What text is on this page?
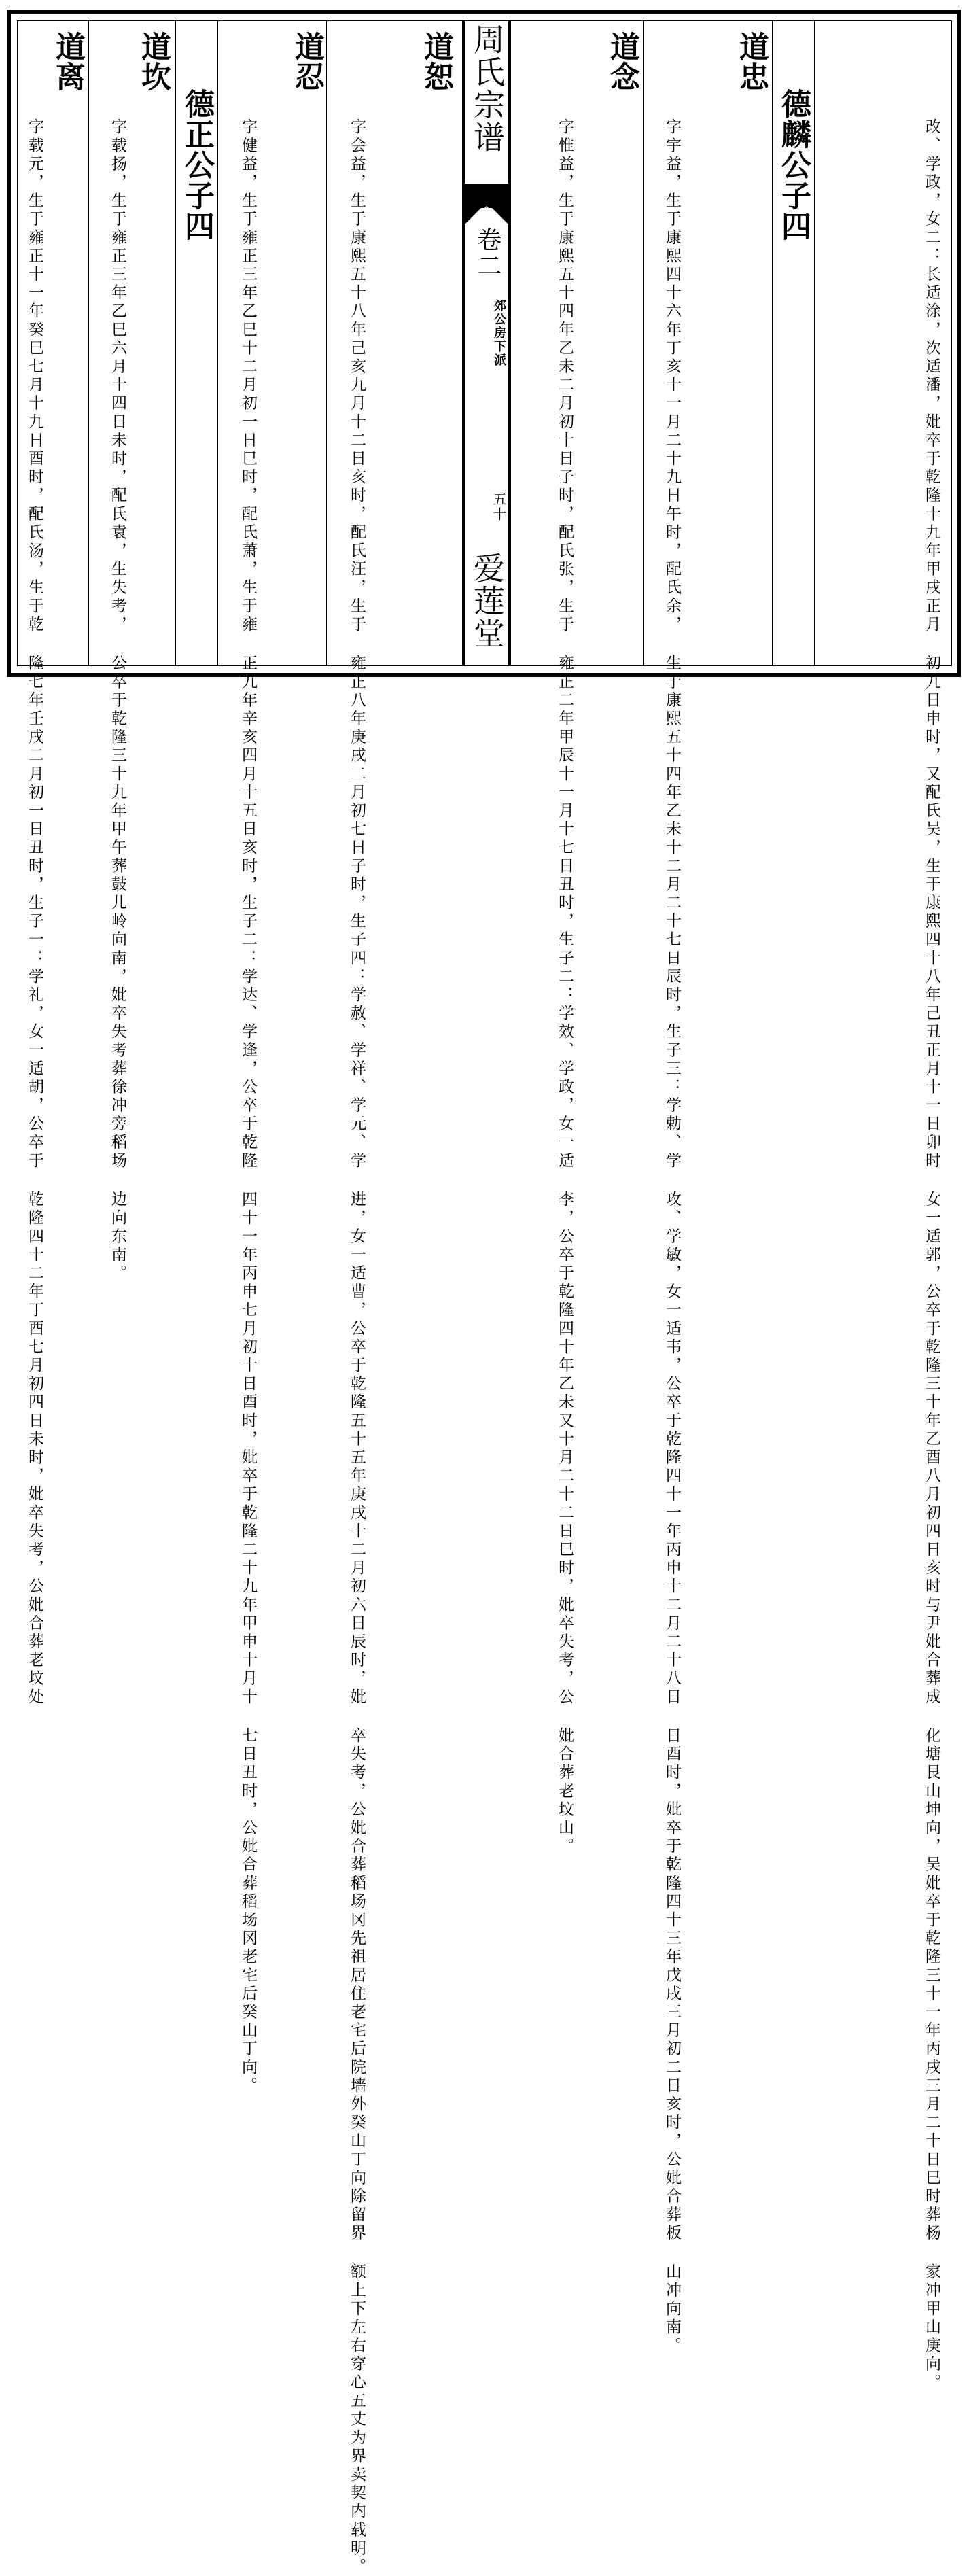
改、学政，女二：长适涂，次适潘，妣卒于乾隆十九年甲戌正月 初九日申时，又配氏吴，生于康熙四十八年己丑正月十一日卯时 女一适郭，公卒于乾隆三十年乙酉八月初四日亥时与尹妣合葬成 化塘艮山坤向，吴妣卒于乾隆三十一年丙戌三月二十日巳时葬杨 家冲甲山庚向。
德麟公子四
道忠
字宇益，生于康熙四十六年丁亥十一月二十九日午时，配氏余， 生于康熙五十四年乙未十二月二十七日辰时，生子三：学勅、学 攻、学敏，女一适韦，公卒于乾隆四十一年丙申十二月二十八日 日酉时，妣卒于乾隆四十三年戊戌三月初二日亥时，公妣合葬板 山冲向南。
道念
字惟益，生于康熙五十四年乙未二月初十日子时，配氏张，生于 雍正二年甲辰十一月十七日丑时，生子二：学效、学政，女一适 李，公卒于乾隆四十年乙未又十月二十二日巳时，妣卒失考，公 妣合葬老坟山。
周氏宗谱
卷二
郊公房下派
五十
爱莲堂
道恕
字会益，生于康熙五十八年己亥九月十二日亥时，配氏汪，生于 雍正八年庚戌二月初七日子时，生子四：学赦、学祥、学元、学 进，女一适曹，公卒于乾隆五十五年庚戌十二月初六日辰时，妣 卒失考，公妣合葬稻场冈先祖居住老宅后院墙外癸山丁向除留界 额上下左右穿心五丈为界卖契内载明。
道忍
字健益，生于雍正三年乙巳十二月初一日巳时，配氏萧，生于雍 正九年辛亥四月十五日亥时，生子二：学达、学逢，公卒于乾隆 四十一年丙申七月初十日酉时，妣卒于乾隆二十九年甲申十月十 七日丑时，公妣合葬稻场冈老宅后癸山丁向。
德正公子四
道坎
字载扬，生于雍正三年乙巳六月十四日未时，配氏袁，生失考， 公卒于乾隆三十九年甲午葬鼓儿岭向南，妣卒失考葬徐冲旁稻场 边向东南。
道离
字载元，生于雍正十一年癸巳七月十九日酉时，配氏汤，生于乾 隆七年壬戌二月初一日丑时，生子一：学礼，女一适胡，公卒于 乾隆四十二年丁酉七月初四日未时，妣卒失考，公妣合葬老坟处
